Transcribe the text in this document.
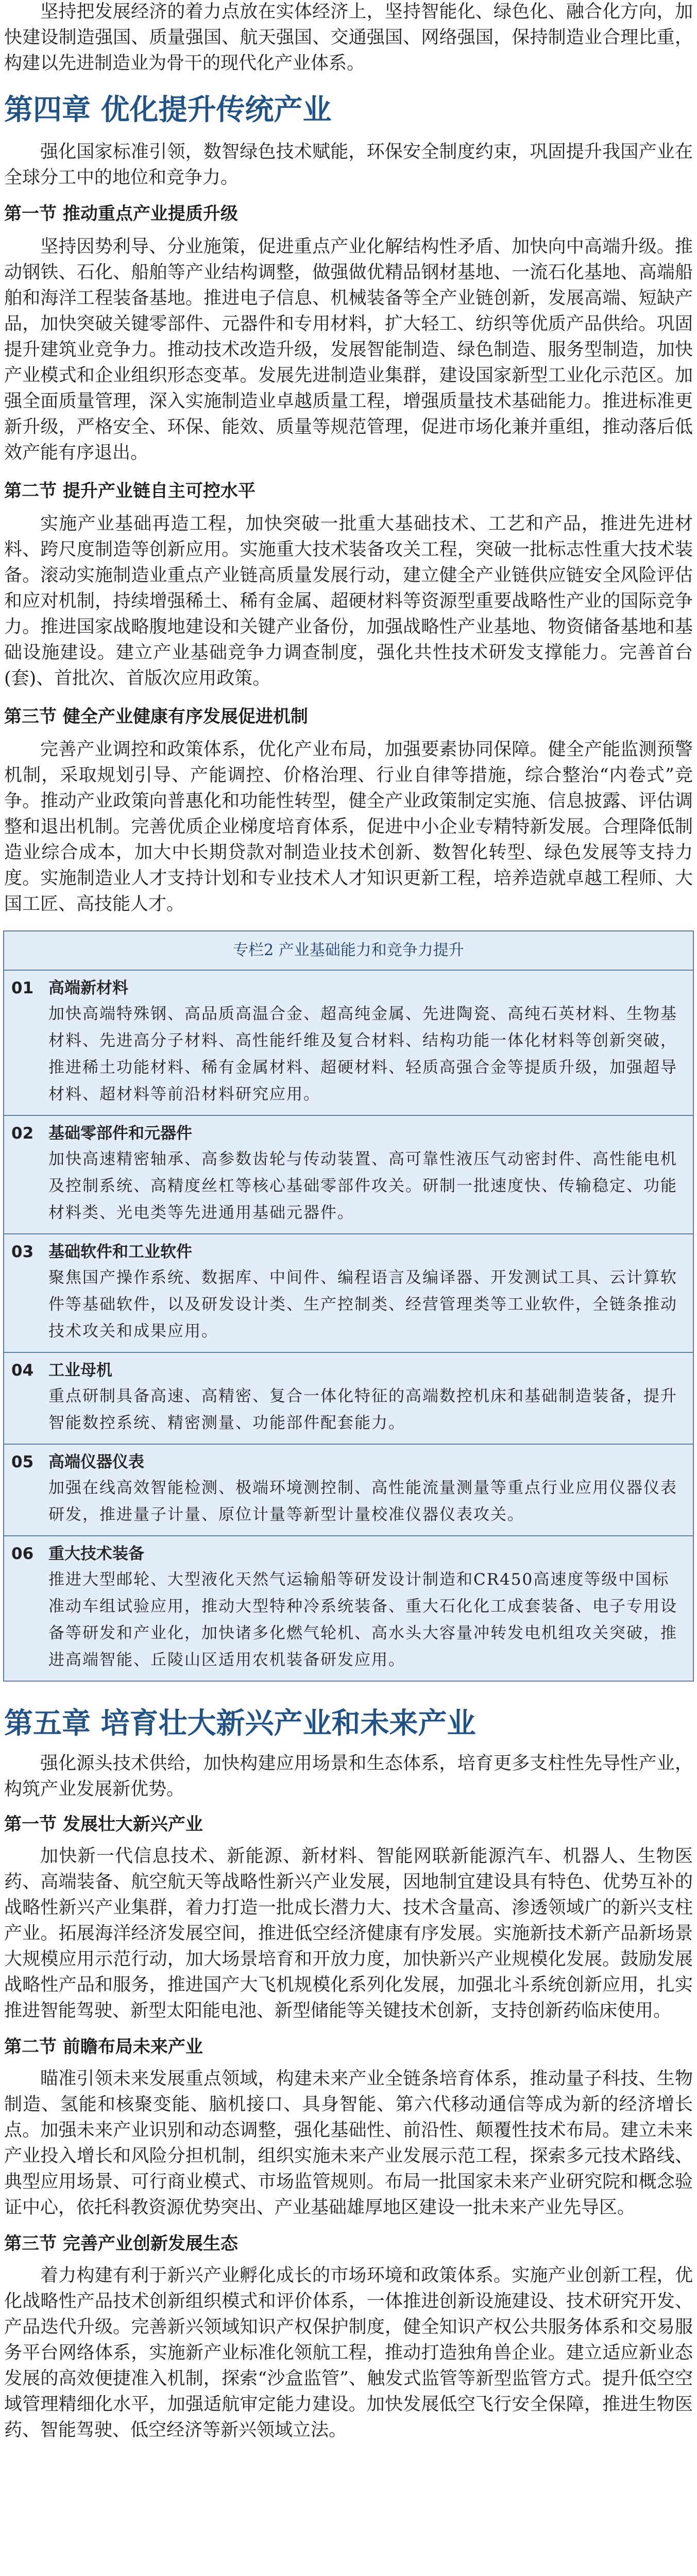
坚持把发展经济的着力点放在实体经济上，坚持智能化、绿色化、融合化方向，加快建设制造强国、质量强国、航天强国、交通强国、网络强国，保持制造业合理比重，构建以先进制造业为骨干的现代化产业体系。

第四章 优化提升传统产业

强化国家标准引领，数智绿色技术赋能，环保安全制度约束，巩固提升我国产业在全球分工中的地位和竞争力。

第一节 推动重点产业提质升级

坚持因势利导、分业施策，促进重点产业化解结构性矛盾、加快向中高端升级。推动钢铁、石化、船舶等产业结构调整，做强做优精品钢材基地、一流石化基地、高端船舶和海洋工程装备基地。推进电子信息、机械装备等全产业链创新，发展高端、短缺产品，加快突破关键零部件、元器件和专用材料，扩大轻工、纺织等优质产品供给。巩固提升建筑业竞争力。推动技术改造升级，发展智能制造、绿色制造、服务型制造，加快产业模式和企业组织形态变革。发展先进制造业集群，建设国家新型工业化示范区。加强全面质量管理，深入实施制造业卓越质量工程，增强质量技术基础能力。推进标准更新升级，严格安全、环保、能效、质量等规范管理，促进市场化兼并重组，推动落后低效产能有序退出。

第二节 提升产业链自主可控水平

实施产业基础再造工程，加快突破一批重大基础技术、工艺和产品，推进先进材料、跨尺度制造等创新应用。实施重大技术装备攻关工程，突破一批标志性重大技术装备。滚动实施制造业重点产业链高质量发展行动，建立健全产业链供应链安全风险评估和应对机制，持续增强稀土、稀有金属、超硬材料等资源型重要战略性产业的国际竞争力。推进国家战略腹地建设和关键产业备份，加强战略性产业基地、物资储备基地和基础设施建设。建立产业基础竞争力调查制度，强化共性技术研发支撑能力。完善首台(套)、首批次、首版次应用政策。

第三节 健全产业健康有序发展促进机制

完善产业调控和政策体系，优化产业布局，加强要素协同保障。健全产能监测预警机制，采取规划引导、产能调控、价格治理、行业自律等措施，综合整治“内卷式”竞争。推动产业政策向普惠化和功能性转型，健全产业政策制定实施、信息披露、评估调整和退出机制。完善优质企业梯度培育体系，促进中小企业专精特新发展。合理降低制造业综合成本，加大中长期贷款对制造业技术创新、数智化转型、绿色发展等支持力度。实施制造业人才支持计划和专业技术人才知识更新工程，培养造就卓越工程师、大国工匠、高技能人才。

专栏2 产业基础能力和竞争力提升
01 高端新材料
加快高端特殊钢、高品质高温合金、超高纯金属、先进陶瓷、高纯石英材料、生物基材料、先进高分子材料、高性能纤维及复合材料、结构功能一体化材料等创新突破，推进稀土功能材料、稀有金属材料、超硬材料、轻质高强合金等提质升级，加强超导材料、超材料等前沿材料研究应用。
02 基础零部件和元器件
加快高速精密轴承、高参数齿轮与传动装置、高可靠性液压气动密封件、高性能电机及控制系统、高精度丝杠等核心基础零部件攻关。研制一批速度快、传输稳定、功能材料类、光电类等先进通用基础元器件。
03 基础软件和工业软件
聚焦国产操作系统、数据库、中间件、编程语言及编译器、开发测试工具、云计算软件等基础软件，以及研发设计类、生产控制类、经营管理类等工业软件，全链条推动技术攻关和成果应用。
04 工业母机
重点研制具备高速、高精密、复合一体化特征的高端数控机床和基础制造装备，提升智能数控系统、精密测量、功能部件配套能力。
05 高端仪器仪表
加强在线高效智能检测、极端环境测控制、高性能流量测量等重点行业应用仪器仪表研发，推进量子计量、原位计量等新型计量校准仪器仪表攻关。
06 重大技术装备
推进大型邮轮、大型液化天然气运输船等研发设计制造和CR450高速度等级中国标准动车组试验应用，推动大型特种冷系统装备、重大石化化工成套装备、电子专用设备等研发和产业化，加快诸多化燃气轮机、高水头大容量冲转发电机组攻关突破，推进高端智能、丘陵山区适用农机装备研发应用。
第五章 培育壮大新兴产业和未来产业

强化源头技术供给，加快构建应用场景和生态体系，培育更多支柱性先导性产业，构筑产业发展新优势。

第一节 发展壮大新兴产业

加快新一代信息技术、新能源、新材料、智能网联新能源汽车、机器人、生物医药、高端装备、航空航天等战略性新兴产业发展，因地制宜建设具有特色、优势互补的战略性新兴产业集群，着力打造一批成长潜力大、技术含量高、渗透领域广的新兴支柱产业。拓展海洋经济发展空间，推进低空经济健康有序发展。实施新技术新产品新场景大规模应用示范行动，加大场景培育和开放力度，加快新兴产业规模化发展。鼓励发展战略性产品和服务，推进国产大飞机规模化系列化发展，加强北斗系统创新应用，扎实推进智能驾驶、新型太阳能电池、新型储能等关键技术创新，支持创新药临床使用。

第二节 前瞻布局未来产业

瞄准引领未来发展重点领域，构建未来产业全链条培育体系，推动量子科技、生物制造、氢能和核聚变能、脑机接口、具身智能、第六代移动通信等成为新的经济增长点。加强未来产业识别和动态调整，强化基础性、前沿性、颠覆性技术布局。建立未来产业投入增长和风险分担机制，组织实施未来产业发展示范工程，探索多元技术路线、典型应用场景、可行商业模式、市场监管规则。布局一批国家未来产业研究院和概念验证中心，依托科教资源优势突出、产业基础雄厚地区建设一批未来产业先导区。

第三节 完善产业创新发展生态

着力构建有利于新兴产业孵化成长的市场环境和政策体系。实施产业创新工程，优化战略性产品技术创新组织模式和评价体系，一体推进创新设施建设、技术研究开发、产品迭代升级。完善新兴领域知识产权保护制度，健全知识产权公共服务体系和交易服务平台网络体系，实施新产业标准化领航工程，推动打造独角兽企业。建立适应新业态发展的高效便捷准入机制，探索“沙盒监管”、触发式监管等新型监管方式。提升低空空域管理精细化水平，加强适航审定能力建设。加快发展低空飞行安全保障，推进生物医药、智能驾驶、低空经济等新兴领域立法。
